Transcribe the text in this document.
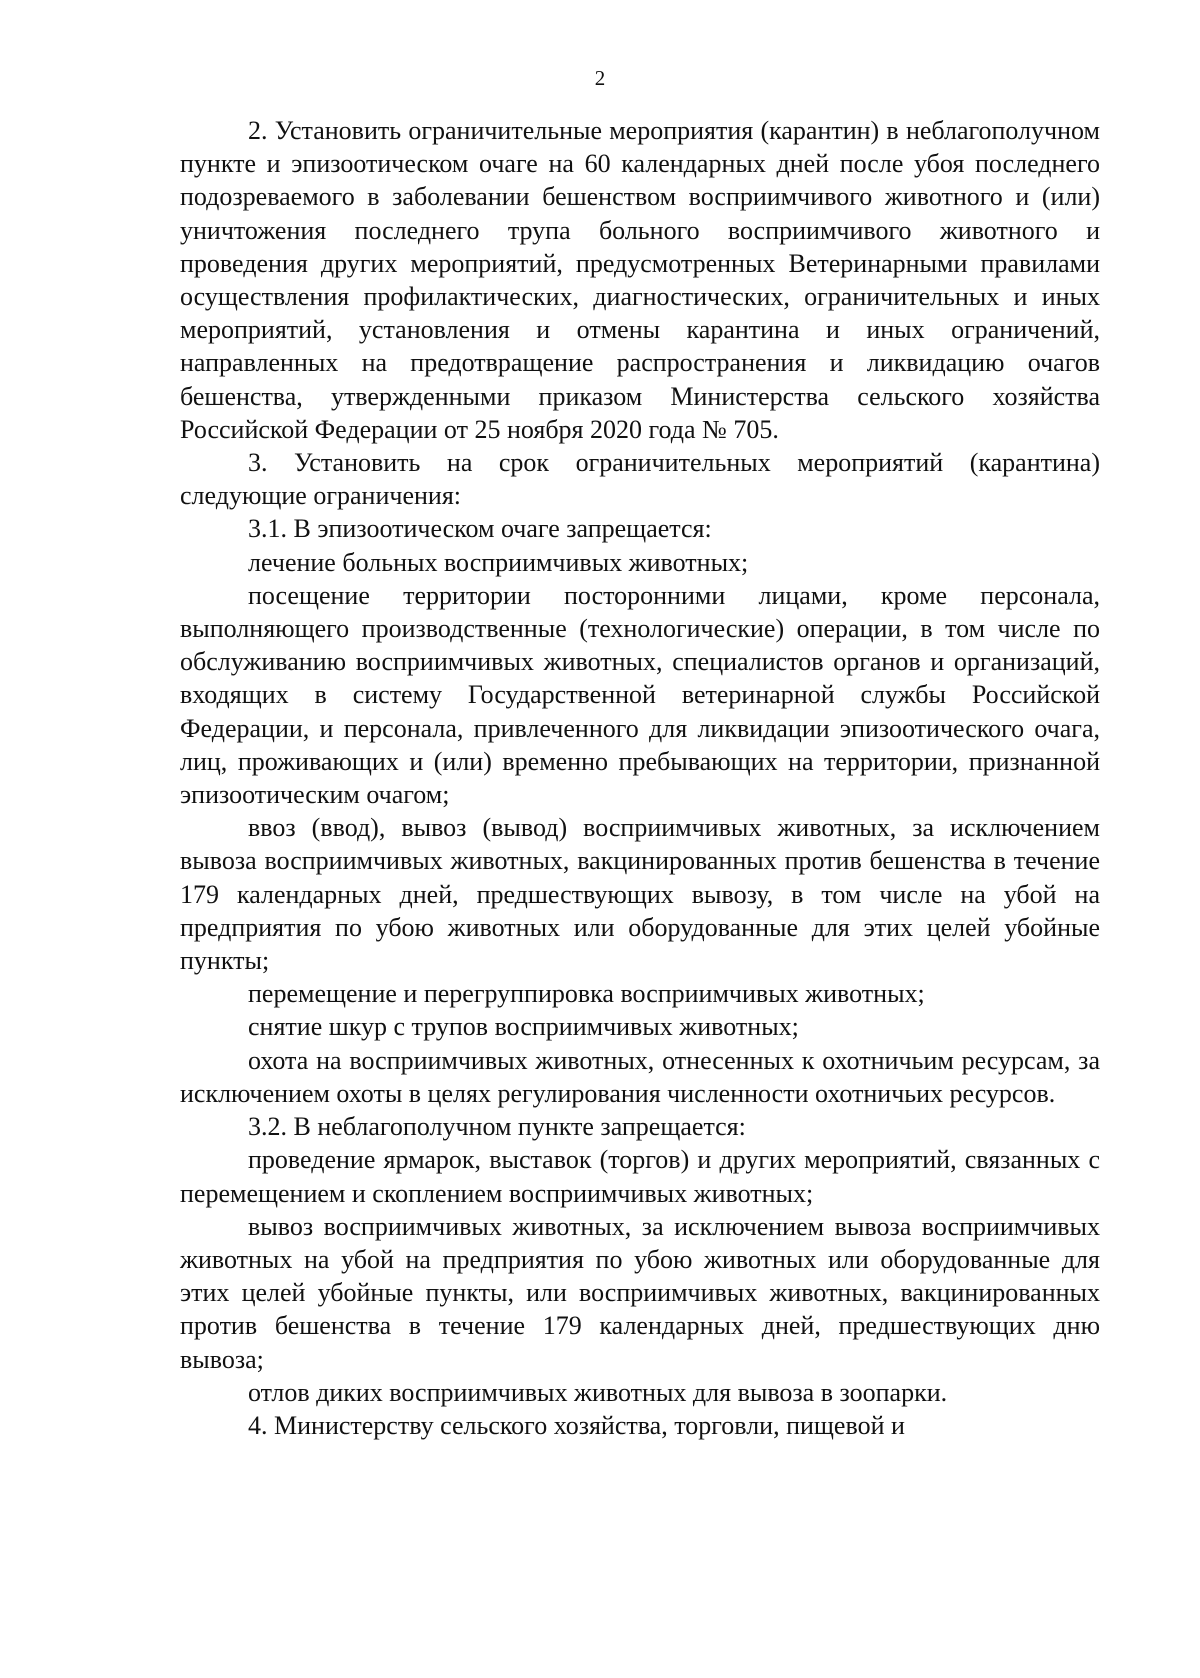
2

2. Установить ограничительные мероприятия (карантин) в неблагополучном пункте и эпизоотическом очаге на 60 календарных дней после убоя последнего подозреваемого в заболевании бешенством восприимчивого животного и (или) уничтожения последнего трупа больного восприимчивого животного и проведения других мероприятий, предусмотренных Ветеринарными правилами осуществления профилактических, диагностических, ограничительных и иных мероприятий, установления и отмены карантина и иных ограничений, направленных на предотвращение распространения и ликвидацию очагов бешенства, утвержденными приказом Министерства сельского хозяйства Российской Федерации от 25 ноября 2020 года № 705.

3. Установить на срок ограничительных мероприятий (карантина) следующие ограничения:

3.1. В эпизоотическом очаге запрещается:

лечение больных восприимчивых животных;

посещение территории посторонними лицами, кроме персонала, выполняющего производственные (технологические) операции, в том числе по обслуживанию восприимчивых животных, специалистов органов и организаций, входящих в систему Государственной ветеринарной службы Российской Федерации, и персонала, привлеченного для ликвидации эпизоотического очага, лиц, проживающих и (или) временно пребывающих на территории, признанной эпизоотическим очагом;

ввоз (ввод), вывоз (вывод) восприимчивых животных, за исключением вывоза восприимчивых животных, вакцинированных против бешенства в течение 179 календарных дней, предшествующих вывозу, в том числе на убой на предприятия по убою животных или оборудованные для этих целей убойные пункты;

перемещение и перегруппировка восприимчивых животных;

снятие шкур с трупов восприимчивых животных;

охота на восприимчивых животных, отнесенных к охотничьим ресурсам, за исключением охоты в целях регулирования численности охотничьих ресурсов.

3.2. В неблагополучном пункте запрещается:

проведение ярмарок, выставок (торгов) и других мероприятий, связанных с перемещением и скоплением восприимчивых животных;

вывоз восприимчивых животных, за исключением вывоза восприимчивых животных на убой на предприятия по убою животных или оборудованные для этих целей убойные пункты, или восприимчивых животных, вакцинированных против бешенства в течение 179 календарных дней, предшествующих дню вывоза;

отлов диких восприимчивых животных для вывоза в зоопарки.

4. Министерству сельского хозяйства, торговли, пищевой и
